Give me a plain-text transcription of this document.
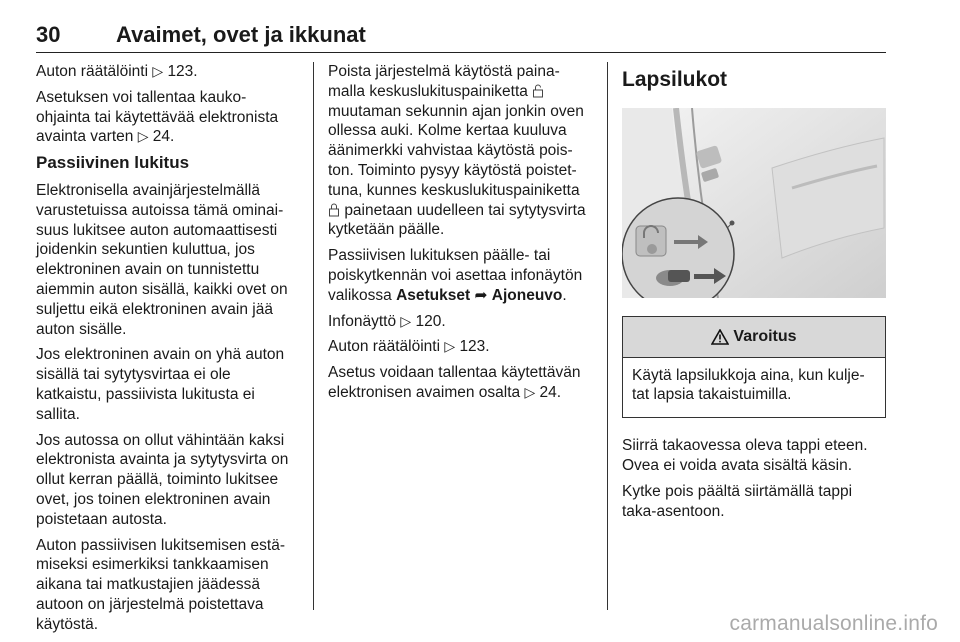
30	Avaimet, ovet ja ikkunat

Auton räätälöinti ▷ 123.

Asetuksen voi tallentaa kauko-ohjainta tai käytettävää elektronista avainta varten ▷ 24.

Passiivinen lukitus

Elektronisella avainjärjestelmällä varustetuissa autoissa tämä ominai-suus lukitsee auton automaattisesti joidenkin sekuntien kuluttua, jos elektroninen avain on tunnistettu aiemmin auton sisällä, kaikki ovet on suljettu eikä elektroninen avain jää auton sisälle.

Jos elektroninen avain on yhä auton sisällä tai sytytysvirtaa ei ole katkaistu, passiivista lukitusta ei sallita.

Jos autossa on ollut vähintään kaksi elektronista avainta ja sytytysvirta on ollut kerran päällä, toiminto lukitsee ovet, jos toinen elektroninen avain poistetaan autosta.

Auton passiivisen lukitsemisen estä-miseksi esimerkiksi tankkaamisen aikana tai matkustajien jäädessä autoon on järjestelmä poistettava käytöstä.

Poista järjestelmä käytöstä paina-malla keskuslukituspainiketta  muutaman sekunnin ajan jonkin oven ollessa auki. Kolme kertaa kuuluva äänimerkki vahvistaa käytöstä pois-ton. Toiminto pysyy käytöstä poistet-tuna, kunnes keskuslukituspainiketta  painetaan uudelleen tai sytytysvirta kytketään päälle.

Passiivisen lukituksen päälle- tai poiskytkennän voi asettaa infonäytön valikossa Asetukset ➦ Ajoneuvo.

Infonäyttö ▷ 120.

Auton räätälöinti ▷ 123.

Asetus voidaan tallentaa käytettävän elektronisen avaimen osalta ▷ 24.

Lapsilukot
Varoitus
Käytä lapsilukkoja aina, kun kulje-tat lapsia takaistuimilla.

Siirrä takaovessa oleva tappi eteen. Ovea ei voida avata sisältä käsin.

Kytke pois päältä siirtämällä tappi taka-asentoon.

carmanualsonline.info
